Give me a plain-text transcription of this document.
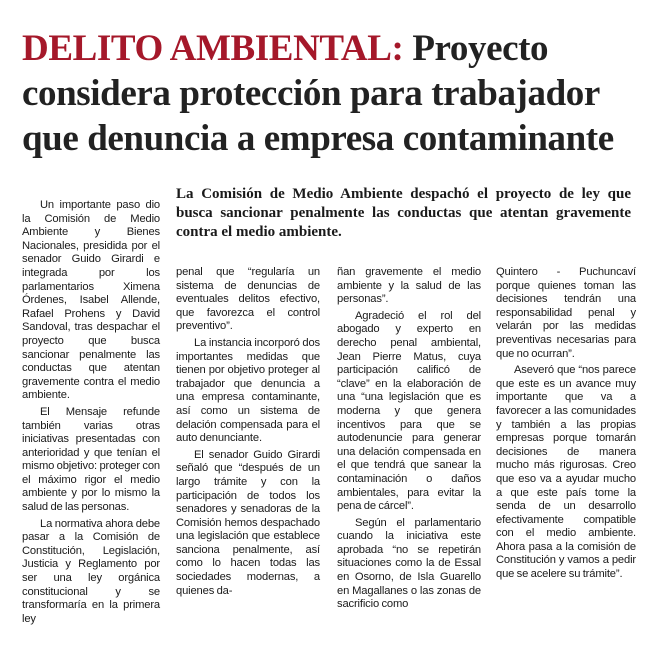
DELITO AMBIENTAL: Proyecto considera protección para trabajador que denuncia a empresa contaminante
La Comisión de Medio Ambiente despachó el proyecto de ley que busca sancionar penalmente las conductas que atentan gravemente contra el medio ambiente.

Un importante paso dio la Comisión de Medio Ambiente y Bienes Nacionales, presidida por el senador Guido Girardi e integrada por los parlamentarios Ximena Órdenes, Isabel Allende, Rafael Prohens y David Sandoval, tras despachar el proyecto que busca sancionar penalmente las conductas que atentan gravemente contra el medio ambiente.

El Mensaje refunde también varias otras iniciativas presentadas con anterioridad y que tenían el mismo objetivo: proteger con el máximo rigor el medio ambiente y por lo mismo la salud de las personas.

La normativa ahora debe pasar a la Comisión de Constitución, Legislación, Justicia y Reglamento por ser una ley orgánica constitucional y se transformaría en la primera ley

penal que “regularía un sistema de denuncias de eventuales delitos efectivo, que favorezca el control preventivo”.

La instancia incorporó dos importantes medidas que tienen por objetivo proteger al trabajador que denuncia a una empresa contaminante, así como un sistema de delación compensada para el auto denunciante.

El senador Guido Girardi señaló que “después de un largo trámite y con la participación de todos los senadores y senadoras de la Comisión hemos despachado una legislación que establece sanciona penalmente, así como lo hacen todas las sociedades modernas, a quienes da-

ñan gravemente el medio ambiente y la salud de las personas”.

Agradeció el rol del abogado y experto en derecho penal ambiental, Jean Pierre Matus, cuya participación calificó de “clave” en la elaboración de una “una legislación que es moderna y que genera incentivos para que se autodenuncie para generar una delación compensada en el que tendrá que sanear la contaminación o daños ambientales, para evitar la pena de cárcel”.

Según el parlamentario cuando la iniciativa este aprobada “no se repetirán situaciones como la de Essal en Osorno, de Isla Guarello en Magallanes o las zonas de sacrificio como

Quintero - Puchuncaví porque quienes toman las decisiones tendrán una responsabilidad penal y velarán por las medidas preventivas necesarias para que no ocurran”.

Aseveró que “nos parece que este es un avance muy importante que va a favorecer a las comunidades y también a las propias empresas porque tomarán decisiones de manera mucho más rigurosas. Creo que eso va a ayudar mucho a que este país tome la senda de un desarrollo efectivamente compatible con el medio ambiente. Ahora pasa a la comisión de Constitución y vamos a pedir que se acelere su trámite”.
